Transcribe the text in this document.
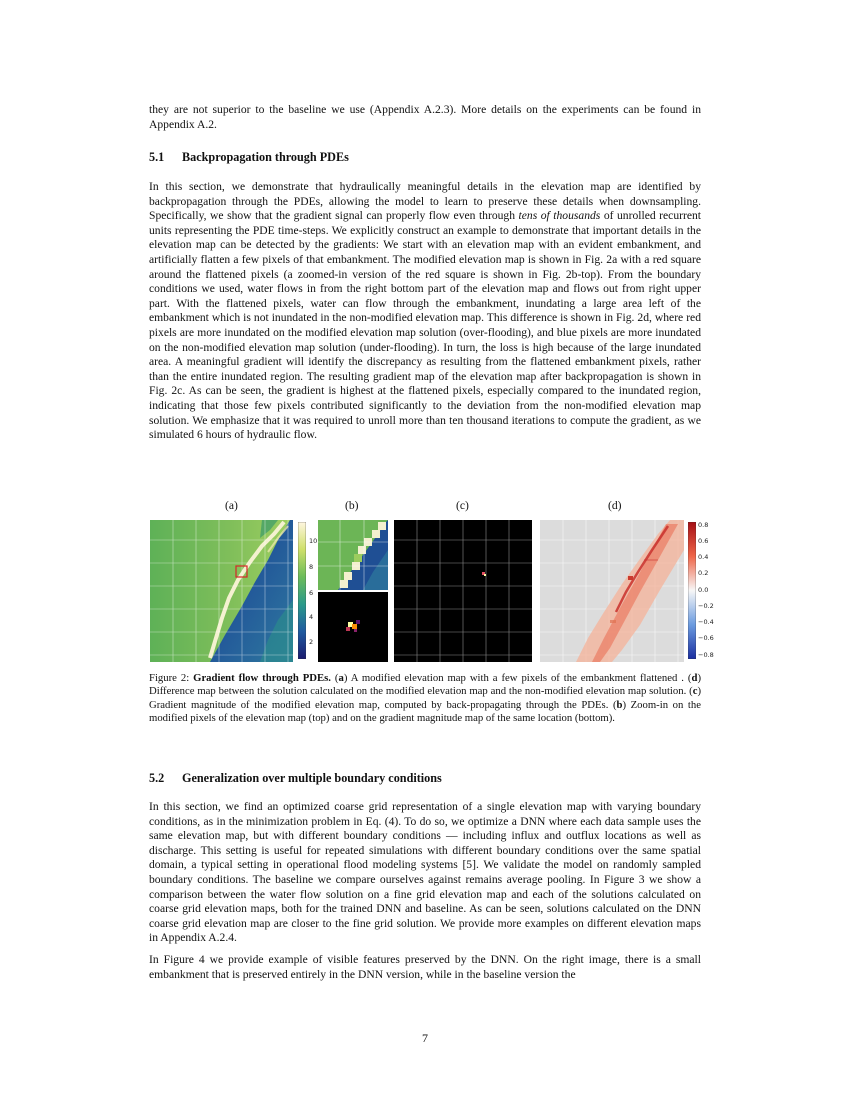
they are not superior to the baseline we use (Appendix A.2.3). More details on the experiments can be found in Appendix A.2.

5.1 Backpropagation through PDEs

In this section, we demonstrate that hydraulically meaningful details in the elevation map are identified by backpropagation through the PDEs, allowing the model to learn to preserve these details when downsampling. Specifically, we show that the gradient signal can properly flow even through tens of thousands of unrolled recurrent units representing the PDE time-steps. We explicitly construct an example to demonstrate that important details in the elevation map can be detected by the gradients: We start with an elevation map with an evident embankment, and artificially flatten a few pixels of that embankment. The modified elevation map is shown in Fig. 2a with a red square around the flattened pixels (a zoomed-in version of the red square is shown in Fig. 2b-top). From the boundary conditions we used, water flows in from the right bottom part of the elevation map and flows out from right upper part. With the flattened pixels, water can flow through the embankment, inundating a large area left of the embankment which is not inundated in the non-modified elevation map. This difference is shown in Fig. 2d, where red pixels are more inundated on the modified elevation map solution (over-flooding), and blue pixels are more inundated on the non-modified elevation map solution (under-flooding). In turn, the loss is high because of the large inundated area. A meaningful gradient will identify the discrepancy as resulting from the flattened embankment pixels, rather than the entire inundated region. The resulting gradient map of the elevation map after backpropagation is shown in Fig. 2c. As can be seen, the gradient is highest at the flattened pixels, especially compared to the inundated region, indicating that those few pixels contributed significantly to the deviation from the non-modified elevation map solution. We emphasize that it was required to unroll more than ten thousand iterations to compute the gradient, as we simulated 6 hours of hydraulic flow.

(a)	(b)	(c)	(d)
10
8
6
4
2
0.8
0.6
0.4
0.2
0.0
−0.2
−0.4
−0.6
−0.8

Figure 2: Gradient flow through PDEs. (a) A modified elevation map with a few pixels of the embankment flattened . (d) Difference map between the solution calculated on the modified elevation map and the non-modified elevation map solution. (c) Gradient magnitude of the modified elevation map, computed by back-propagating through the PDEs. (b) Zoom-in on the modified pixels of the elevation map (top) and on the gradient magnitude map of the same location (bottom).

5.2 Generalization over multiple boundary conditions

In this section, we find an optimized coarse grid representation of a single elevation map with varying boundary conditions, as in the minimization problem in Eq. (4). To do so, we optimize a DNN where each data sample uses the same elevation map, but with different boundary conditions — including influx and outflux locations as well as discharge. This setting is useful for repeated simulations with different boundary conditions over the same spatial domain, a typical setting in operational flood modeling systems [5]. We validate the model on randomly sampled boundary conditions. The baseline we compare ourselves against remains average pooling. In Figure 3 we show a comparison between the water flow solution on a fine grid elevation map and each of the solutions calculated on coarse grid elevation maps, both for the trained DNN and baseline. As can be seen, solutions calculated on the DNN coarse grid elevation map are closer to the fine grid solution. We provide more examples on different elevation maps in Appendix A.2.4.

In Figure 4 we provide example of visible features preserved by the DNN. On the right image, there is a small embankment that is preserved entirely in the DNN version, while in the baseline version the

7
